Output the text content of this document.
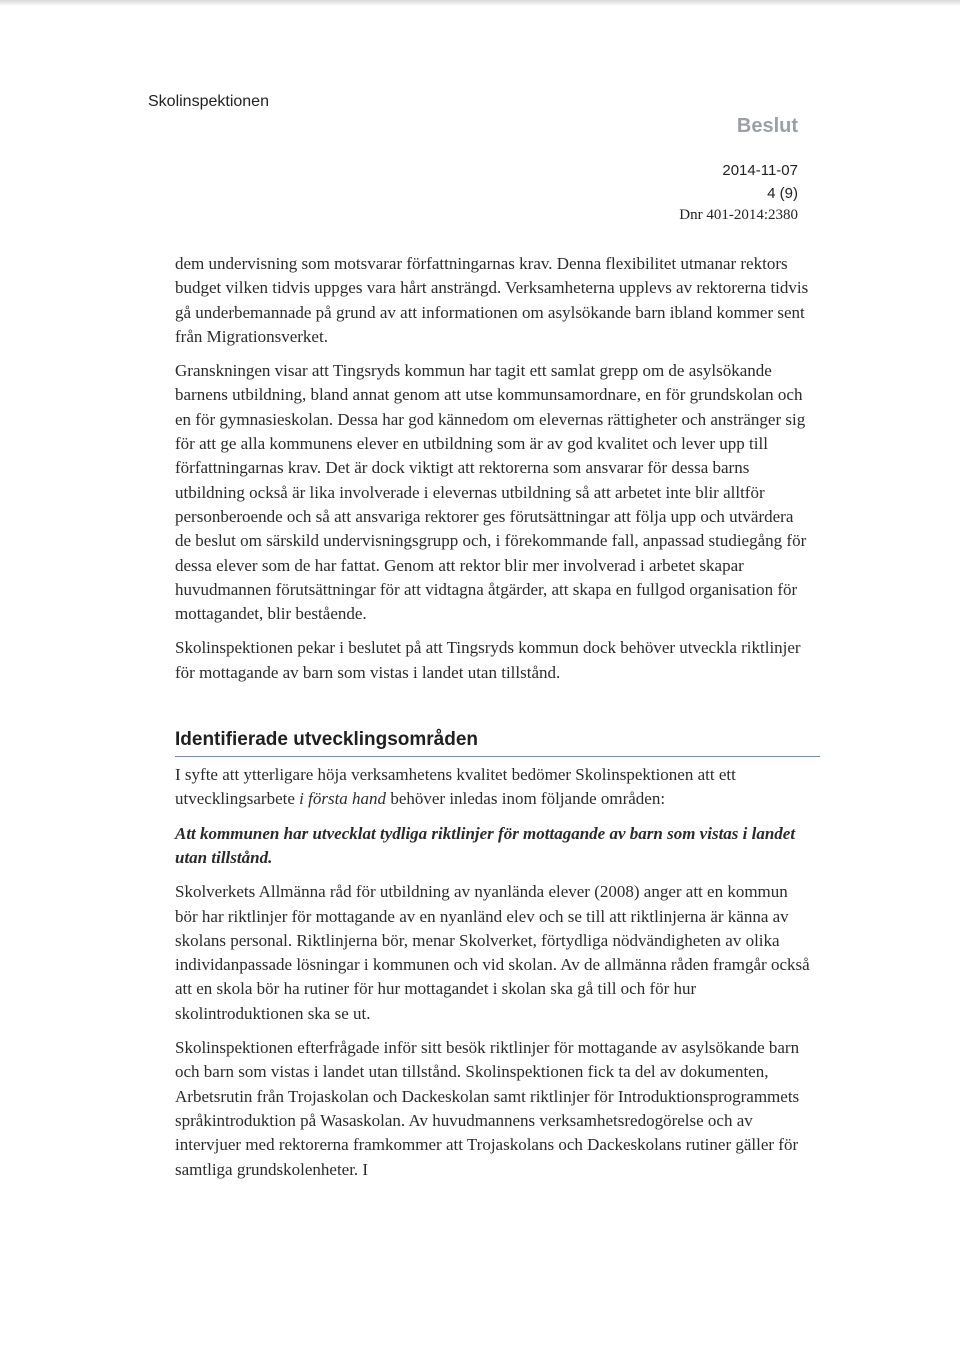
Skolinspektionen
Beslut
2014-11-07
4 (9)
Dnr 401-2014:2380

dem undervisning som motsvarar författningarnas krav. Denna flexibilitet utmanar rektors budget vilken tidvis uppges vara hårt ansträngd. Verksamheterna upplevs av rektorerna tidvis gå underbemannade på grund av att informationen om asylsökande barn ibland kommer sent från Migrationsverket.

Granskningen visar att Tingsryds kommun har tagit ett samlat grepp om de asylsökande barnens utbildning, bland annat genom att utse kommunsamordnare, en för grundskolan och en för gymnasieskolan. Dessa har god kännedom om elevernas rättigheter och anstränger sig för att ge alla kommunens elever en utbildning som är av god kvalitet och lever upp till författningarnas krav. Det är dock viktigt att rektorerna som ansvarar för dessa barns utbildning också är lika involverade i elevernas utbildning så att arbetet inte blir alltför personberoende och så att ansvariga rektorer ges förutsättningar att följa upp och utvärdera de beslut om särskild undervisningsgrupp och, i förekommande fall, anpassad studiegång för dessa elever som de har fattat. Genom att rektor blir mer involverad i arbetet skapar huvudmannen förutsättningar för att vidtagna åtgärder, att skapa en fullgod organisation för mottagandet, blir bestående.

Skolinspektionen pekar i beslutet på att Tingsryds kommun dock behöver utveckla riktlinjer för mottagande av barn som vistas i landet utan tillstånd.

Identifierade utvecklingsområden

I syfte att ytterligare höja verksamhetens kvalitet bedömer Skolinspektionen att ett utvecklingsarbete i första hand behöver inledas inom följande områden:

Att kommunen har utvecklat tydliga riktlinjer för mottagande av barn som vistas i landet utan tillstånd.

Skolverkets Allmänna råd för utbildning av nyanlända elever (2008) anger att en kommun bör har riktlinjer för mottagande av en nyanländ elev och se till att riktlinjerna är känna av skolans personal. Riktlinjerna bör, menar Skolverket, förtydliga nödvändigheten av olika individanpassade lösningar i kommunen och vid skolan. Av de allmänna råden framgår också att en skola bör ha rutiner för hur mottagandet i skolan ska gå till och för hur skolintroduktionen ska se ut.

Skolinspektionen efterfrågade inför sitt besök riktlinjer för mottagande av asylsökande barn och barn som vistas i landet utan tillstånd. Skolinspektionen fick ta del av dokumenten, Arbetsrutin från Trojaskolan och Dackeskolan samt riktlinjer för Introduktionsprogrammets språkintroduktion på Wasaskolan. Av huvudmannens verksamhetsredogörelse och av intervjuer med rektorerna framkommer att Trojaskolans och Dackeskolans rutiner gäller för samtliga grundskolenheter. I
